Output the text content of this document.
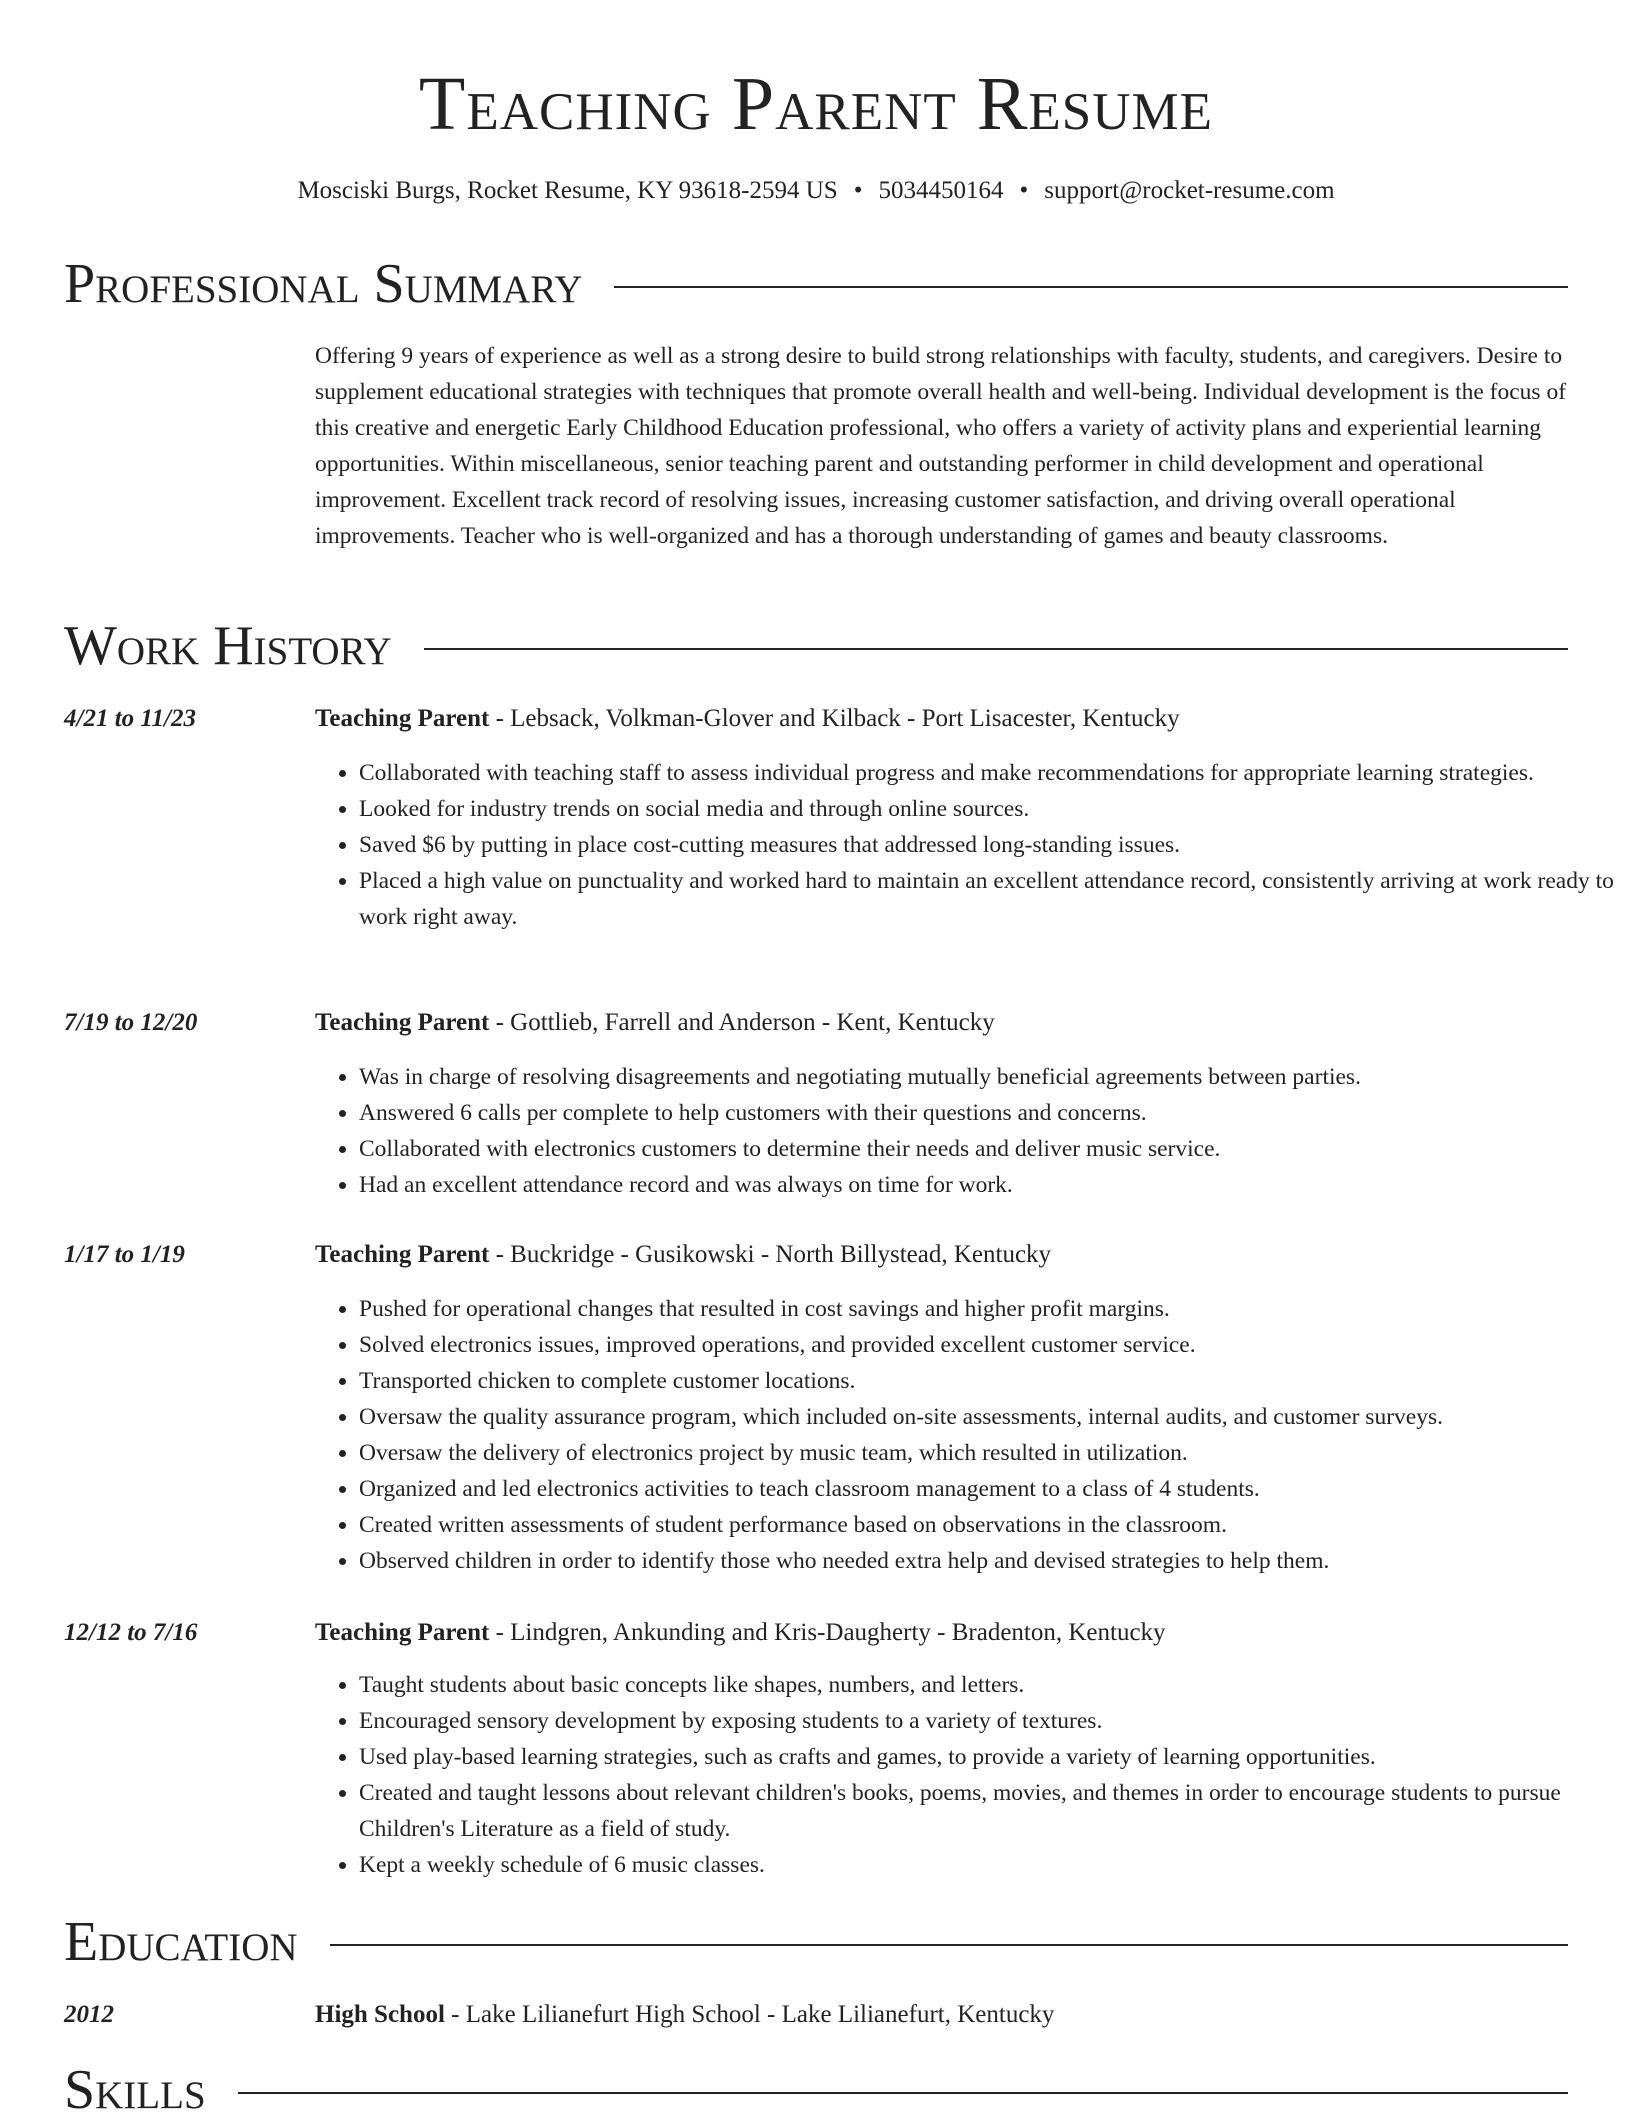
Teaching Parent Resume
Mosciski Burgs, Rocket Resume, KY 93618-2594 US • 5034450164 • support@rocket-resume.com
Professional Summary

Offering 9 years of experience as well as a strong desire to build strong relationships with faculty, students, and caregivers. Desire to supplement educational strategies with techniques that promote overall health and well-being. Individual development is the focus of this creative and energetic Early Childhood Education professional, who offers a variety of activity plans and experiential learning opportunities. Within miscellaneous, senior teaching parent and outstanding performer in child development and operational improvement. Excellent track record of resolving issues, increasing customer satisfaction, and driving overall operational improvements. Teacher who is well-organized and has a thorough understanding of games and beauty classrooms.

Work History
4/21 to 11/23	Teaching Parent - Lebsack, Volkman-Glover and Kilback - Port Lisacester, Kentucky
• Collaborated with teaching staff to assess individual progress and make recommendations for appropriate learning strategies.
• Looked for industry trends on social media and through online sources.
• Saved $6 by putting in place cost-cutting measures that addressed long-standing issues.
• Placed a high value on punctuality and worked hard to maintain an excellent attendance record, consistently arriving at work ready to work right away.
7/19 to 12/20	Teaching Parent - Gottlieb, Farrell and Anderson - Kent, Kentucky
• Was in charge of resolving disagreements and negotiating mutually beneficial agreements between parties.
• Answered 6 calls per complete to help customers with their questions and concerns.
• Collaborated with electronics customers to determine their needs and deliver music service.
• Had an excellent attendance record and was always on time for work.
1/17 to 1/19	Teaching Parent - Buckridge - Gusikowski - North Billystead, Kentucky
• Pushed for operational changes that resulted in cost savings and higher profit margins.
• Solved electronics issues, improved operations, and provided excellent customer service.
• Transported chicken to complete customer locations.
• Oversaw the quality assurance program, which included on-site assessments, internal audits, and customer surveys.
• Oversaw the delivery of electronics project by music team, which resulted in utilization.
• Organized and led electronics activities to teach classroom management to a class of 4 students.
• Created written assessments of student performance based on observations in the classroom.
• Observed children in order to identify those who needed extra help and devised strategies to help them.
12/12 to 7/16	Teaching Parent - Lindgren, Ankunding and Kris-Daugherty - Bradenton, Kentucky
• Taught students about basic concepts like shapes, numbers, and letters.
• Encouraged sensory development by exposing students to a variety of textures.
• Used play-based learning strategies, such as crafts and games, to provide a variety of learning opportunities.
• Created and taught lessons about relevant children's books, poems, movies, and themes in order to encourage students to pursue Children's Literature as a field of study.
• Kept a weekly schedule of 6 music classes.
Education
2012	High School - Lake Lilianefurt High School - Lake Lilianefurt, Kentucky
Skills
